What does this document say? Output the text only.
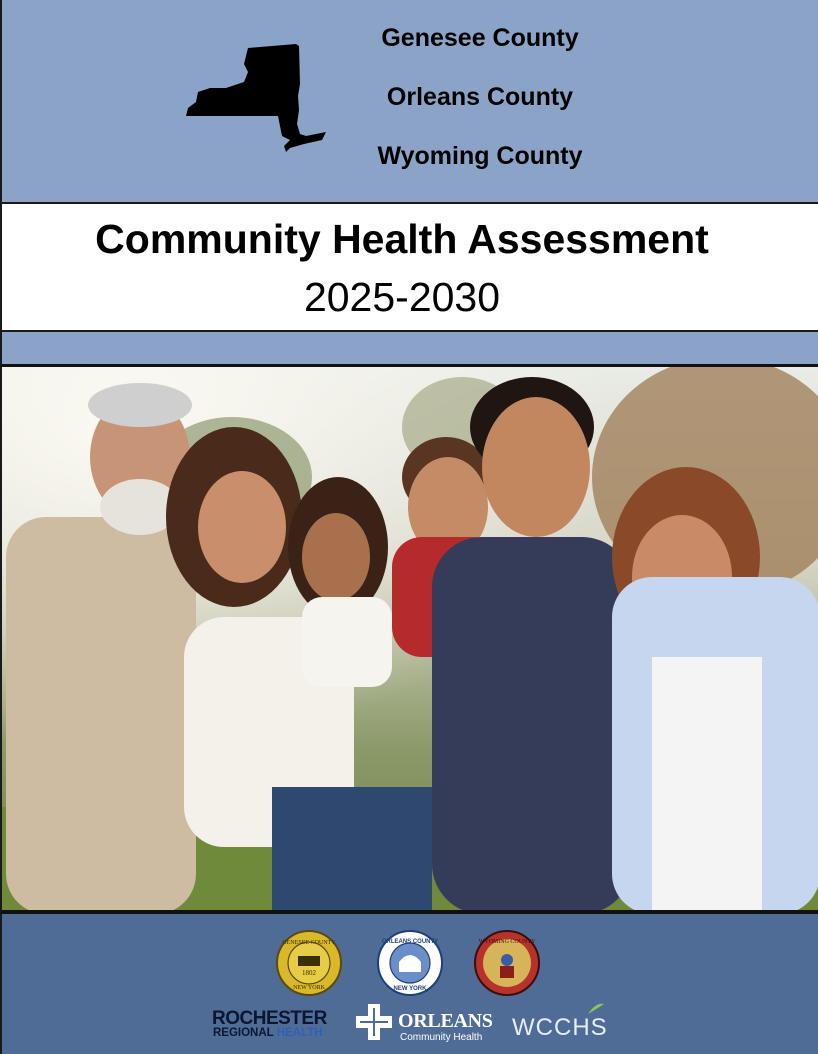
Genesee County
Orleans County
Wyoming County
Community Health Assessment
2025-2030
GENESEE COUNTY
1802
NEW YORK
ORLEANS COUNTY
NEW YORK
WYOMING COUNTY
ROCHESTER
REGIONAL HEALTH
ORLEANS
Community Health WCCHS
